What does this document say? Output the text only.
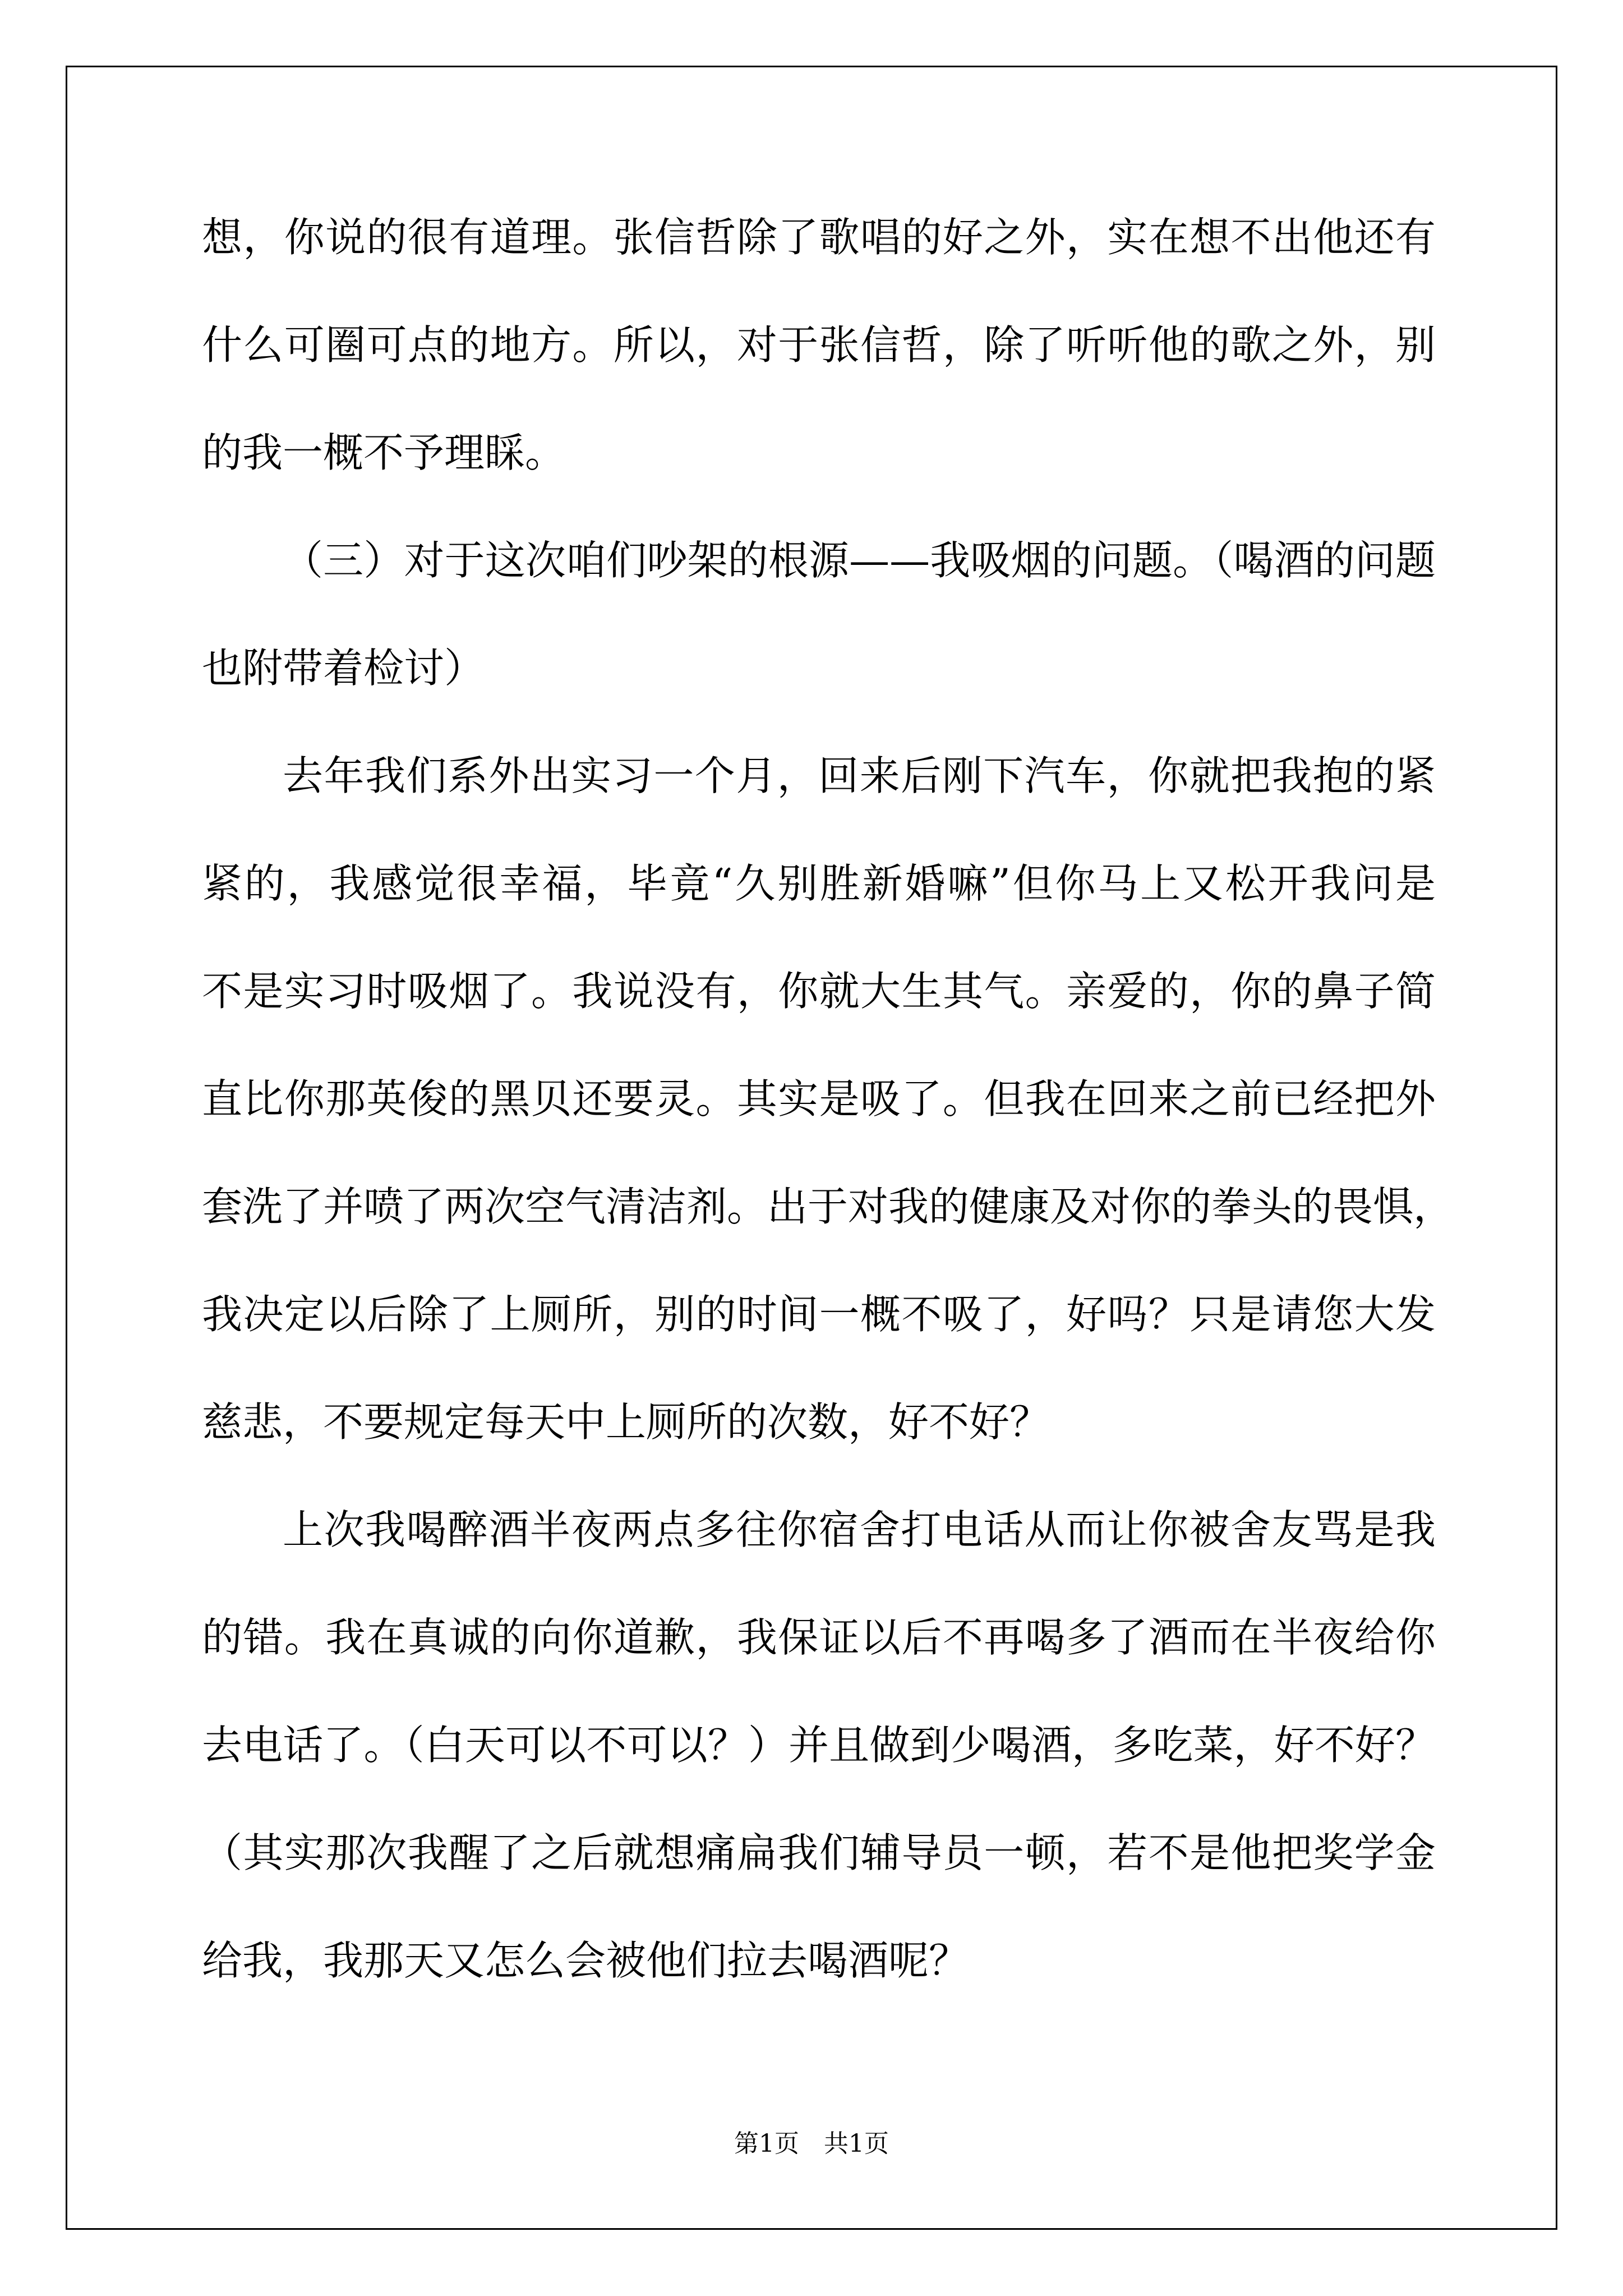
想，你说的很有道理。张信哲除了歌唱的好之外，实在想不出他还有
什么可圈可点的地方。所以，对于张信哲，除了听听他的歌之外，别
的我一概不予理睬。
（三）对于这次咱们吵架的根源——我吸烟的问题。（喝酒的问题
也附带着检讨）
去年我们系外出实习一个月，回来后刚下汽车，你就把我抱的紧
紧的，我感觉很幸福，毕竟“久别胜新婚嘛”但你马上又松开我问是
不是实习时吸烟了。我说没有，你就大生其气。亲爱的，你的鼻子简
直比你那英俊的黑贝还要灵。其实是吸了。但我在回来之前已经把外
套洗了并喷了两次空气清洁剂。出于对我的健康及对你的拳头的畏惧，
我决定以后除了上厕所，别的时间一概不吸了，好吗？只是请您大发
慈悲，不要规定每天中上厕所的次数，好不好？
上次我喝醉酒半夜两点多往你宿舍打电话从而让你被舍友骂是我
的错。我在真诚的向你道歉，我保证以后不再喝多了酒而在半夜给你
去电话了。（白天可以不可以？）并且做到少喝酒，多吃菜，好不好？
（其实那次我醒了之后就想痛扁我们辅导员一顿，若不是他把奖学金
给我，我那天又怎么会被他们拉去喝酒呢？
第1页　共1页
